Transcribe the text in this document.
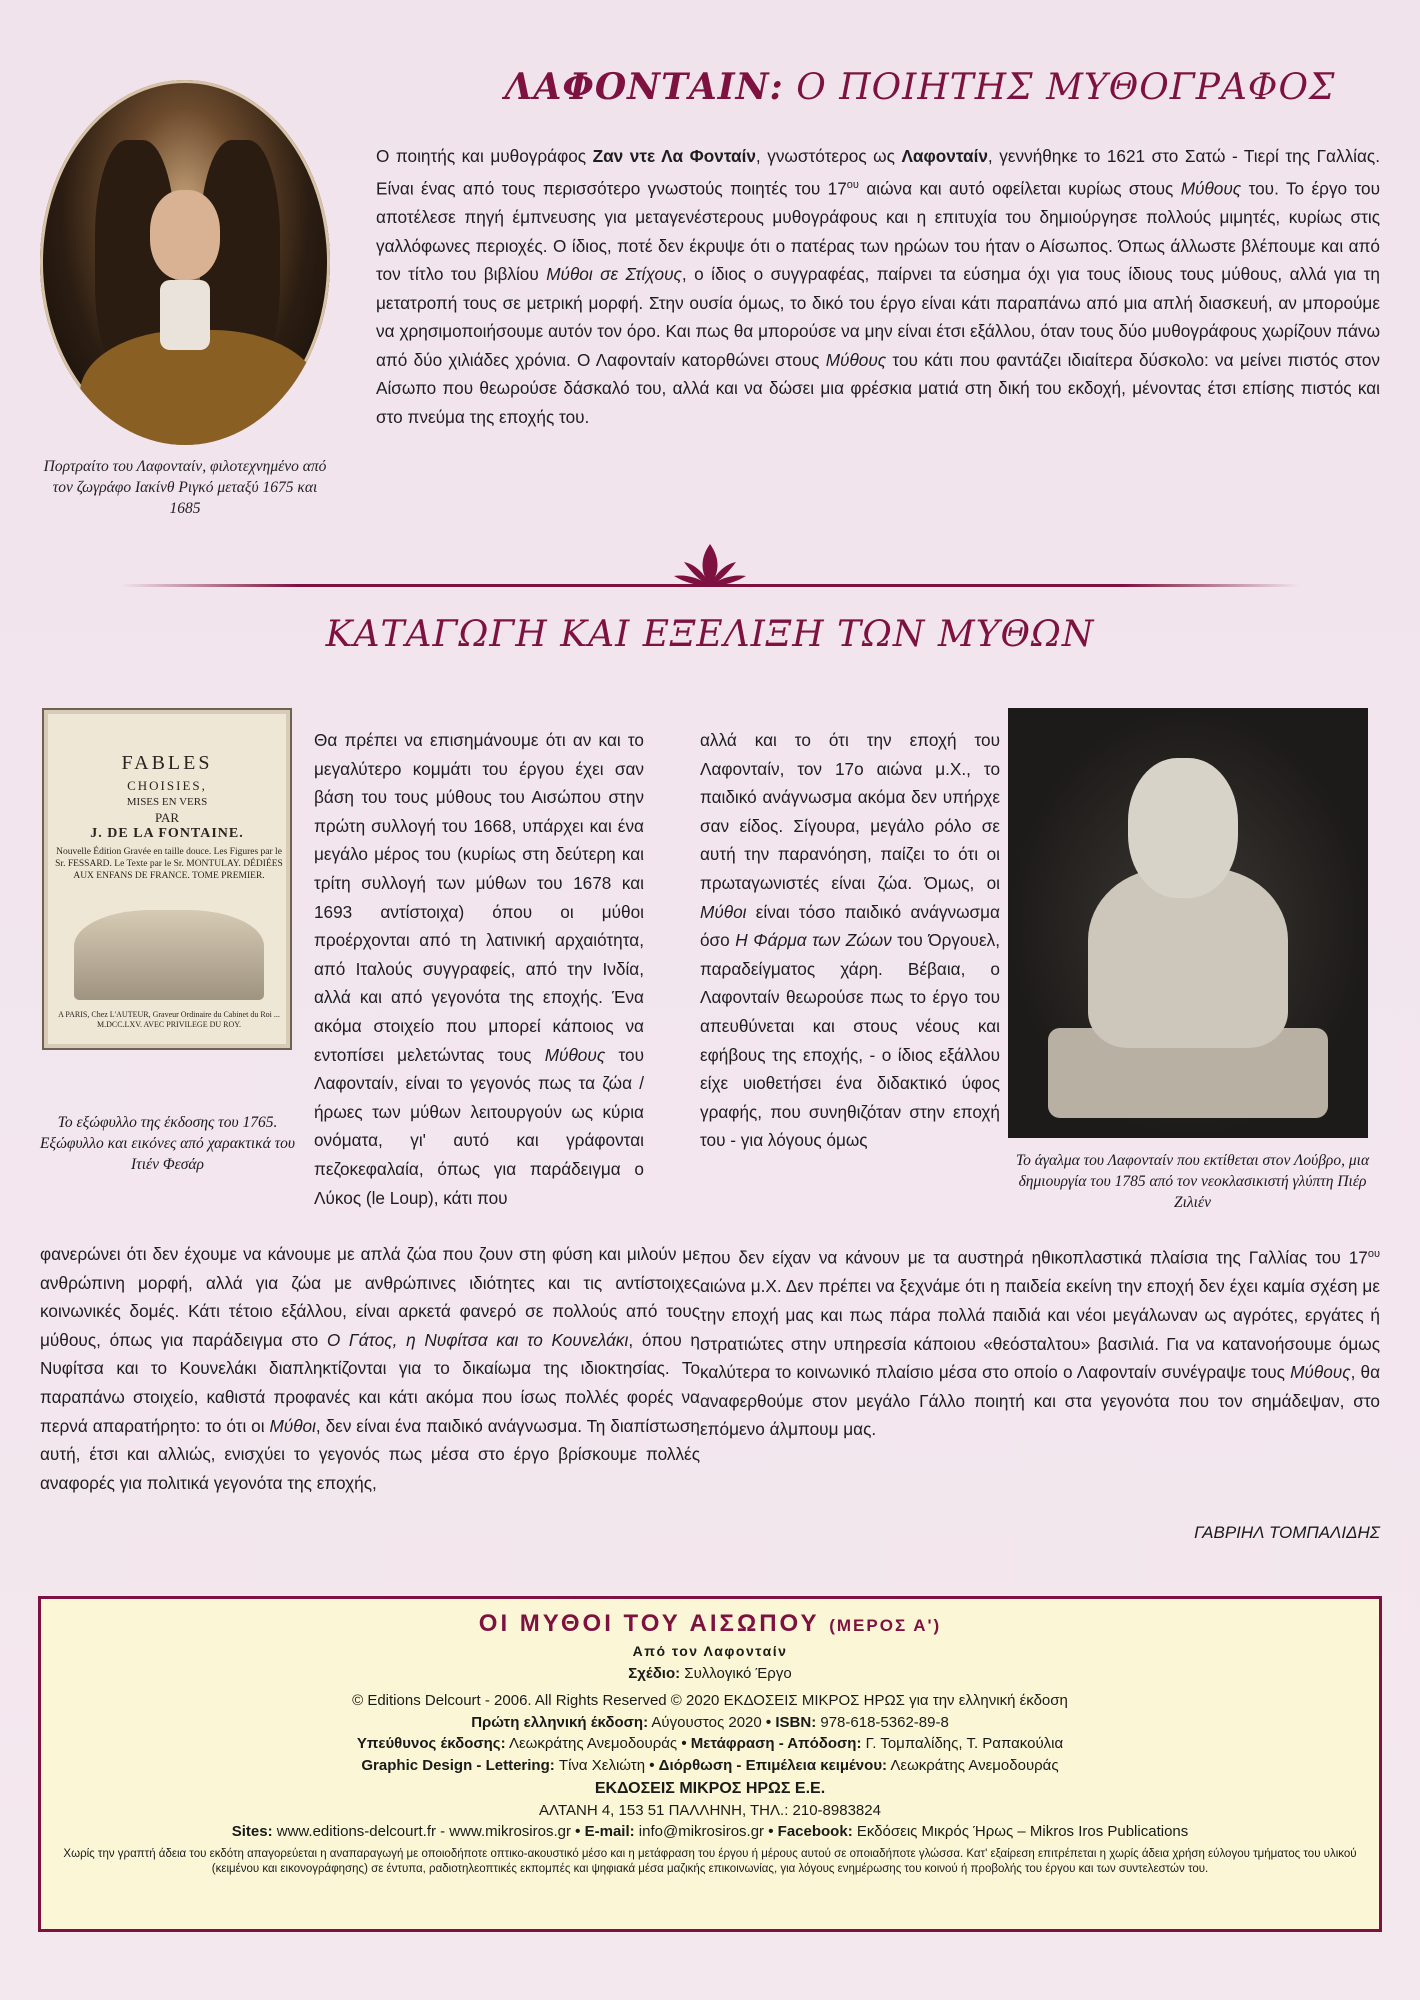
Πορτραίτο του Λαφονταίν, φιλοτεχνημένο από τον ζωγράφο Ιακίνθ Ριγκό μεταξύ 1675 και 1685
ΛΑΦΟΝΤΑΙΝ: Ο ΠΟΙΗΤΗΣ ΜΥΘΟΓΡΑΦΟΣ
Ο ποιητής και μυθογράφος Ζαν ντε Λα Φονταίν, γνωστότερος ως Λαφονταίν, γεννήθηκε το 1621 στο Σατώ - Τιερί της Γαλλίας. Είναι ένας από τους περισσότερο γνωστούς ποιητές του $17^{o\upsilon}$ αιώνα και αυτό οφείλεται κυρίως στους Μύθους του. Το έργο του αποτέλεσε πηγή έμπνευσης για μεταγενέστερους μυθογράφους και η επιτυχία του δημιούργησε πολλούς μιμητές, κυρίως στις γαλλόφωνες περιοχές. Ο ίδιος, ποτέ δεν έκρυψε ότι ο πατέρας των ηρώων του ήταν ο Αίσωπος. Όπως άλλωστε βλέπουμε και από τον τίτλο του βιβλίου Μύθοι σε Στίχους, ο ίδιος ο συγγραφέας, παίρνει τα εύσημα όχι για τους ίδιους τους μύθους, αλλά για τη μετατροπή τους σε μετρική μορφή. Στην ουσία όμως, το δικό του έργο είναι κάτι παραπάνω από μια απλή διασκευή, αν μπορούμε να χρησιμοποιήσουμε αυτόν τον όρο. Και πως θα μπορούσε να μην είναι έτσι εξάλλου, όταν τους δύο μυθογράφους χωρίζουν πάνω από δύο χιλιάδες χρόνια. Ο Λαφονταίν κατορθώνει στους Μύθους του κάτι που φαντάζει ιδιαίτερα δύσκολο: να μείνει πιστός στον Αίσωπο που θεωρούσε δάσκαλό του, αλλά και να δώσει μια φρέσκια ματιά στη δική του εκδοχή, μένοντας έτσι επίσης πιστός και στο πνεύμα της εποχής του.
ΚΑΤΑΓΩΓΗ ΚΑΙ ΕΞΕΛΙΞΗ ΤΩΝ ΜΥΘΩΝ
FABLES
CHOISIES,
MISES EN VERS
PAR
J. DE LA FONTAINE.
Nouvelle Édition Gravée en taille douce. Les Figures par le Sr. FESSARD. Le Texte par le Sr. MONTULAY. DÉDIÉES AUX ENFANS DE FRANCE. TOME PREMIER.
A PARIS, Chez L'AUTEUR, Graveur Ordinaire du Cabinet du Roi ... M.DCC.LXV. AVEC PRIVILEGE DU ROY.
Το εξώφυλλο της έκδοσης του 1765. Εξώφυλλο και εικόνες από χαρακτικά του Ιτιέν Φεσάρ	Το άγαλμα του Λαφονταίν που εκτίθεται στον Λούβρο, μια δημιουργία του 1785 από τον νεοκλασικιστή γλύπτη Πιέρ Ζιλιέν
Θα πρέπει να επισημάνουμε ότι αν και το μεγαλύτερο κομμάτι του έργου έχει σαν βάση του τους μύθους του Αισώπου στην πρώτη συλλογή του 1668, υπάρχει και ένα μεγάλο μέρος του (κυρίως στη δεύτερη και τρίτη συλλογή των μύθων του 1678 και 1693 αντίστοιχα) όπου οι μύθοι προέρχονται από τη λατινική αρχαιότητα, από Ιταλούς συγγραφείς, από την Ινδία, αλλά και από γεγονότα της εποχής. Ένα ακόμα στοιχείο που μπορεί κάποιος να εντοπίσει μελετώντας τους Μύθους του Λαφονταίν, είναι το γεγονός πως τα ζώα / ήρωες των μύθων λειτουργούν ως κύρια ονόματα, γι' αυτό και γράφονται πεζοκεφαλαία, όπως για παράδειγμα ο Λύκος (le Loup), κάτι που
αλλά και το ότι την εποχή του Λαφονταίν, τον 17ο αιώνα μ.Χ., το παιδικό ανάγνωσμα ακόμα δεν υπήρχε σαν είδος. Σίγουρα, μεγάλο ρόλο σε αυτή την παρανόηση, παίζει το ότι οι πρωταγωνιστές είναι ζώα. Όμως, οι Μύθοι είναι τόσο παιδικό ανάγνωσμα όσο Η Φάρμα των Ζώων του Όργουελ, παραδείγματος χάρη. Βέβαια, ο Λαφονταίν θεωρούσε πως το έργο του απευθύνεται και στους νέους και εφήβους της εποχής, - ο ίδιος εξάλλου είχε υιοθετήσει ένα διδακτικό ύφος γραφής, που συνηθιζόταν στην εποχή του - για λόγους όμως
φανερώνει ότι δεν έχουμε να κάνουμε με απλά ζώα που ζουν στη φύση και μιλούν με ανθρώπινη μορφή, αλλά για ζώα με ανθρώπινες ιδιότητες και τις αντίστοιχες κοινωνικές δομές. Κάτι τέτοιο εξάλλου, είναι αρκετά φανερό σε πολλούς από τους μύθους, όπως για παράδειγμα στο Ο Γάτος, η Νυφίτσα και το Κουνελάκι, όπου η Νυφίτσα και το Κουνελάκι διαπληκτίζονται για το δικαίωμα της ιδιοκτησίας. Το παραπάνω στοιχείο, καθιστά προφανές και κάτι ακόμα που ίσως πολλές φορές να περνά απαρατήρητο: το ότι οι Μύθοι, δεν είναι ένα παιδικό ανάγνωσμα. Τη διαπίστωση αυτή, έτσι και αλλιώς, ενισχύει το γεγονός πως μέσα στο έργο βρίσκουμε πολλές αναφορές για πολιτικά γεγονότα της εποχής,
που δεν είχαν να κάνουν με τα αυστηρά ηθικοπλαστικά πλαίσια της Γαλλίας του $17^{o\upsilon}$ αιώνα μ.Χ. Δεν πρέπει να ξεχνάμε ότι η παιδεία εκείνη την εποχή δεν έχει καμία σχέση με την εποχή μας και πως πάρα πολλά παιδιά και νέοι μεγάλωναν ως αγρότες, εργάτες ή στρατιώτες στην υπηρεσία κάποιου «θεόσταλτου» βασιλιά. Για να κατανοήσουμε όμως καλύτερα το κοινωνικό πλαίσιο μέσα στο οποίο ο Λαφονταίν συνέγραψε τους Μύθους, θα αναφερθούμε στον μεγάλο Γάλλο ποιητή και στα γεγονότα που τον σημάδεψαν, στο επόμενο άλμπουμ μας.
ΓΑΒΡΙΗΛ ΤΟΜΠΑΛΙΔΗΣ
ΟΙ ΜΥΘΟΙ ΤΟΥ ΑΙΣΩΠΟΥ (ΜΕΡΟΣ Α')
Από τον Λαφονταίν
Σχέδιο: Συλλογικό Έργο
© Editions Delcourt - 2006. All Rights Reserved © 2020 ΕΚΔΟΣΕΙΣ ΜΙΚΡΟΣ ΗΡΩΣ για την ελληνική έκδοση
Πρώτη ελληνική έκδοση: Αύγουστος 2020 • ISBN: 978-618-5362-89-8
Υπεύθυνος έκδοσης: Λεωκράτης Ανεμοδουράς • Μετάφραση - Απόδοση: Γ. Τομπαλίδης, Τ. Ραπακούλια
Graphic Design - Lettering: Τίνα Χελιώτη • Διόρθωση - Επιμέλεια κειμένου: Λεωκράτης Ανεμοδουράς
ΕΚΔΟΣΕΙΣ ΜΙΚΡΟΣ ΗΡΩΣ Ε.Ε.
ΑΛΤΑΝΗ 4, 153 51 ΠΑΛΛΗΝΗ, ΤΗΛ.: 210-8983824
Sites: www.editions-delcourt.fr - www.mikrosiros.gr • E-mail: info@mikrosiros.gr • Facebook: Εκδόσεις Μικρός Ήρως – Mikros Iros Publications
Χωρίς την γραπτή άδεια του εκδότη απαγορεύεται η αναπαραγωγή με οποιοδήποτε οπτικο-ακουστικό μέσο και η μετάφραση του έργου ή μέρους αυτού σε οποιαδήποτε γλώσσα. Κατ' εξαίρεση επιτρέπεται η χωρίς άδεια χρήση εύλογου τμήματος του υλικού (κειμένου και εικονογράφησης) σε έντυπα, ραδιοτηλεοπτικές εκπομπές και ψηφιακά μέσα μαζικής επικοινωνίας, για λόγους ενημέρωσης του κοινού ή προβολής του έργου και των συντελεστών του.
